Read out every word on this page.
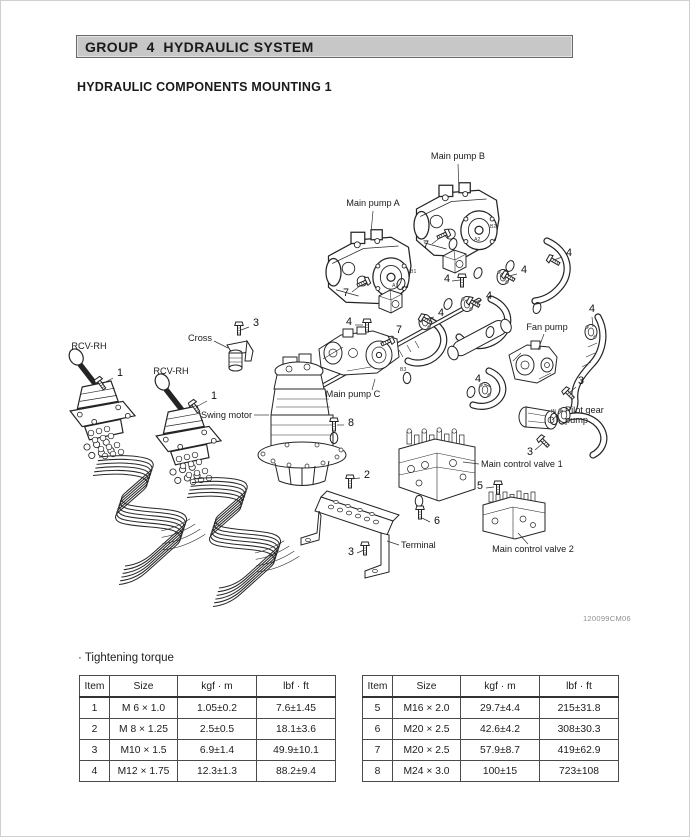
GROUP  4  HYDRAULIC SYSTEM
HYDRAULIC COMPONENTS MOUNTING 1
Main pump B
Main pump A
Main pump C
Cross
RCV-RH
RCV-RH
Swing motor
Fan pump
Pilot gear
pump
Main control valve 1
Main control valve 2
Terminal
1
1
2
3
3
3
3
4
4
4
4
4
4
4
4
5
6
7
7
7
8
B1
A1
B2
A2
B3
IN
120099CM06
· Tightening torque
Item	Size	kgf · m	lbf · ft
1	M 6 × 1.0	1.05±0.2	7.6±1.45
2	M 8 × 1.25	2.5±0.5	18.1±3.6
3	M10 × 1.5	6.9±1.4	49.9±10.1
4	M12 × 1.75	12.3±1.3	88.2±9.4
Item	Size	kgf · m	lbf · ft
5	M16 × 2.0	29.7±4.4	215±31.8
6	M20 × 2.5	42.6±4.2	308±30.3
7	M20 × 2.5	57.9±8.7	419±62.9
8	M24 × 3.0	100±15	723±108
